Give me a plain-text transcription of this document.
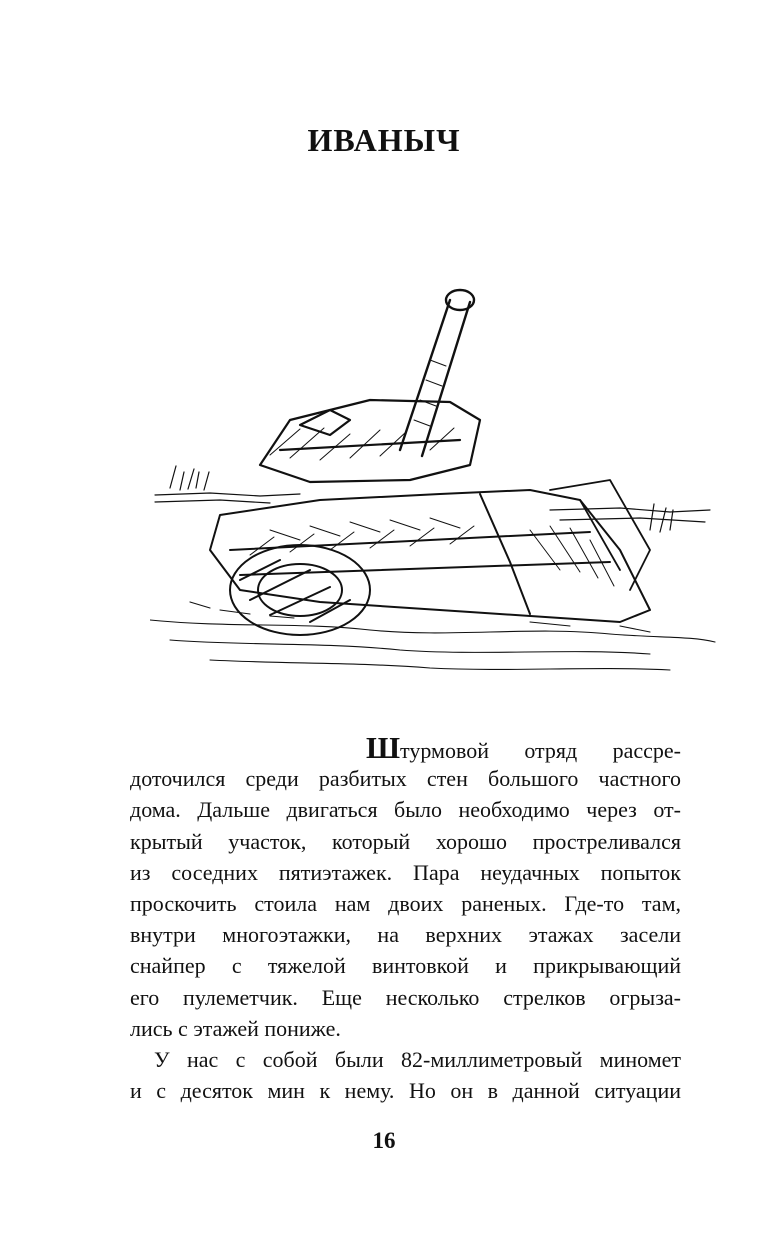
ИВАНЫЧ
Штурмовой отряд рассре-
доточился среди разбитых стен большого частного
дома. Дальше двигаться было необходимо через от-
крытый участок, который хорошо простреливался
из соседних пятиэтажек. Пара неудачных попыток
проскочить стоила нам двоих раненых. Где-то там,
внутри многоэтажки, на верхних этажах засели
снайпер с тяжелой винтовкой и прикрывающий
его пулеметчик. Еще несколько стрелков огрыза-
лись с этажей пониже.
У нас с собой были 82-миллиметровый миномет
и с десяток мин к нему. Но он в данной ситуации
16
